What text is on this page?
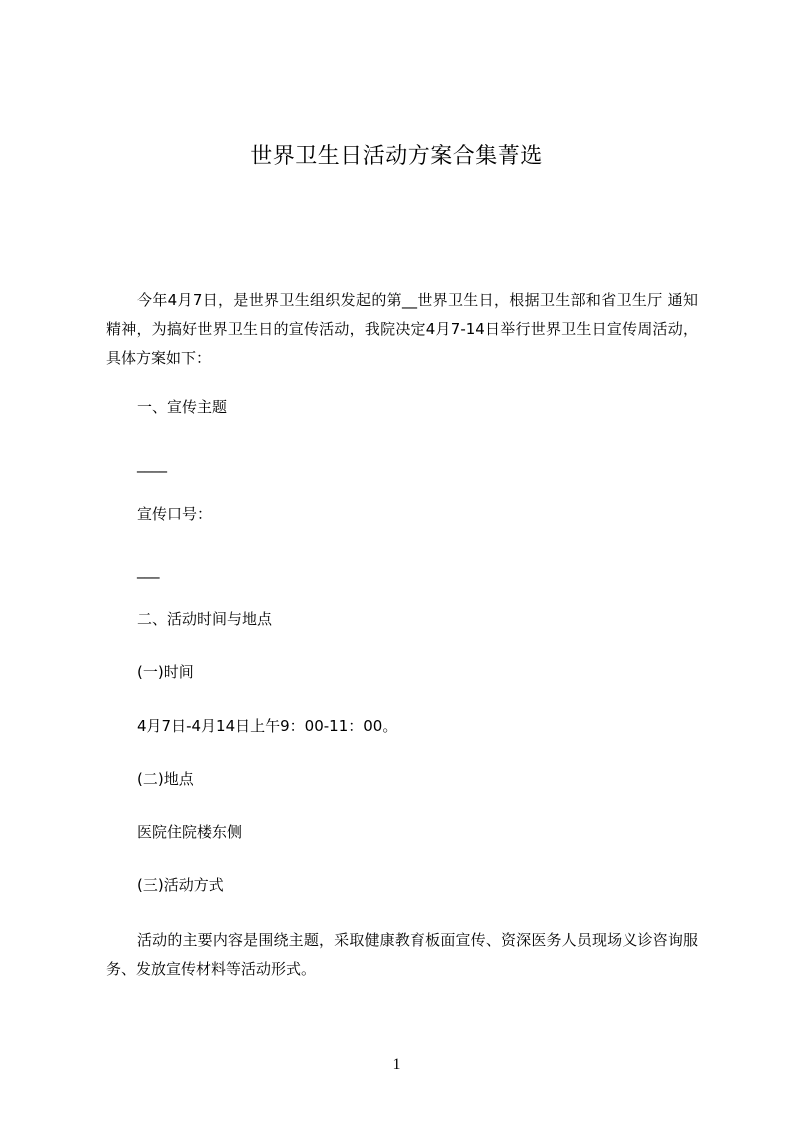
世界卫生日活动方案合集菁选
今年4月7日，是世界卫生组织发起的第__世界卫生日，根据卫生部和省卫生厅 通知精神，为搞好世界卫生日的宣传活动，我院决定4月7-14日举行世界卫生日宣传周活动，具体方案如下：
一、宣传主题
____
宣传口号：
___
二、活动时间与地点
(一)时间
4月7日-4月14日上午9：00-11：00。
(二)地点
医院住院楼东侧
(三)活动方式
活动的主要内容是围绕主题，采取健康教育板面宣传、资深医务人员现场义诊咨询服务、发放宣传材料等活动形式。
1
